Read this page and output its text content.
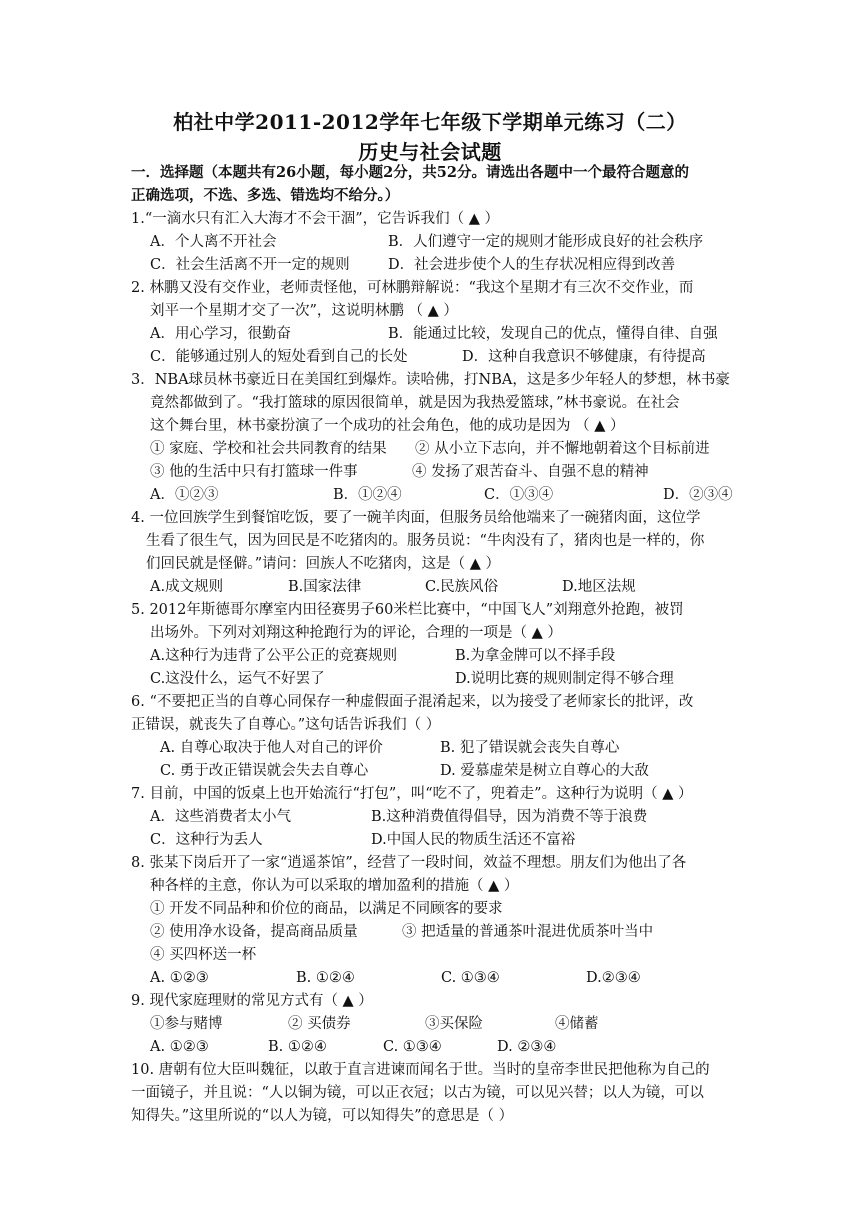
柏社中学2011-2012学年七年级下学期单元练习（二）
历史与社会试题
一．选择题（本题共有26小题，每小题2分，共52分。请选出各题中一个最符合题意的
正确选项，不选、多选、错选均不给分。）
1.“一滴水只有汇入大海才不会干涸”，它告诉我们（ ▲ ）
A．个人离不开社会	B．人们遵守一定的规则才能形成良好的社会秩序
C．社会生活离不开一定的规则	D．社会进步使个人的生存状况相应得到改善
2. 林鹏又没有交作业，老师责怪他，可林鹏辩解说：“我这个星期才有三次不交作业，而
刘平一个星期才交了一次”，这说明林鹏 （ ▲ ）
A．用心学习，很勤奋	B．能通过比较，发现自己的优点，懂得自律、自强
C．能够通过别人的短处看到自己的长处	D．这种自我意识不够健康，有待提高
3．NBA球员林书豪近日在美国红到爆炸。读哈佛，打NBA，这是多少年轻人的梦想，林书豪
竟然都做到了。“我打篮球的原因很简单，就是因为我热爱篮球，”林书豪说。在社会
这个舞台里，林书豪扮演了一个成功的社会角色，他的成功是因为 （ ▲ ）
① 家庭、学校和社会共同教育的结果 ② 从小立下志向，并不懈地朝着这个目标前进
③ 他的生活中只有打篮球一件事	④ 发扬了艰苦奋斗、自强不息的精神
A．①②③	B．①②④	C．①③④	D．②③④
4. 一位回族学生到餐馆吃饭，要了一碗羊肉面，但服务员给他端来了一碗猪肉面，这位学
生看了很生气，因为回民是不吃猪肉的。服务员说：“牛肉没有了，猪肉也是一样的，你
们回民就是怪僻。”请问：回族人不吃猪肉，这是（ ▲ ）
A.成文规则	B.国家法律	C.民族风俗	D.地区法规
5. 2012年斯德哥尔摩室内田径赛男子60米栏比赛中，“中国飞人”刘翔意外抢跑，被罚
出场外。下列对刘翔这种抢跑行为的评论，合理的一项是（ ▲ ）
A.这种行为违背了公平公正的竞赛规则	B.为拿金牌可以不择手段
C.这没什么，运气不好罢了	D.说明比赛的规则制定得不够合理
6. “不要把正当的自尊心同保存一种虚假面子混淆起来，以为接受了老师家长的批评，改
正错误，就丧失了自尊心。”这句话告诉我们（ ）
A. 自尊心取决于他人对自己的评价	B. 犯了错误就会丧失自尊心
C. 勇于改正错误就会失去自尊心	D. 爱慕虚荣是树立自尊心的大敌
7. 目前，中国的饭桌上也开始流行“打包”，叫“吃不了，兜着走”。这种行为说明（ ▲ ）
A．这些消费者太小气	B.这种消费值得倡导，因为消费不等于浪费
C．这种行为丢人	D.中国人民的物质生活还不富裕
8. 张某下岗后开了一家“逍遥茶馆”，经营了一段时间，效益不理想。朋友们为他出了各
种各样的主意，你认为可以采取的增加盈利的措施（ ▲ ）
① 开发不同品种和价位的商品，以满足不同顾客的要求
② 使用净水设备，提高商品质量	③ 把适量的普通茶叶混进优质茶叶当中
④ 买四杯送一杯
A. ①②③	B. ①②④	C. ①③④	D.②③④
9. 现代家庭理财的常见方式有（ ▲ ）
①参与赌博	② 买债券	③买保险	④储蓄
A. ①②③	B. ①②④	C. ①③④	D. ②③④
10. 唐朝有位大臣叫魏征，以敢于直言进谏而闻名于世。当时的皇帝李世民把他称为自己的
一面镜子，并且说：“人以铜为镜，可以正衣冠；以古为镜，可以见兴替；以人为镜，可以
知得失。”这里所说的“以人为镜，可以知得失”的意思是（ ）
